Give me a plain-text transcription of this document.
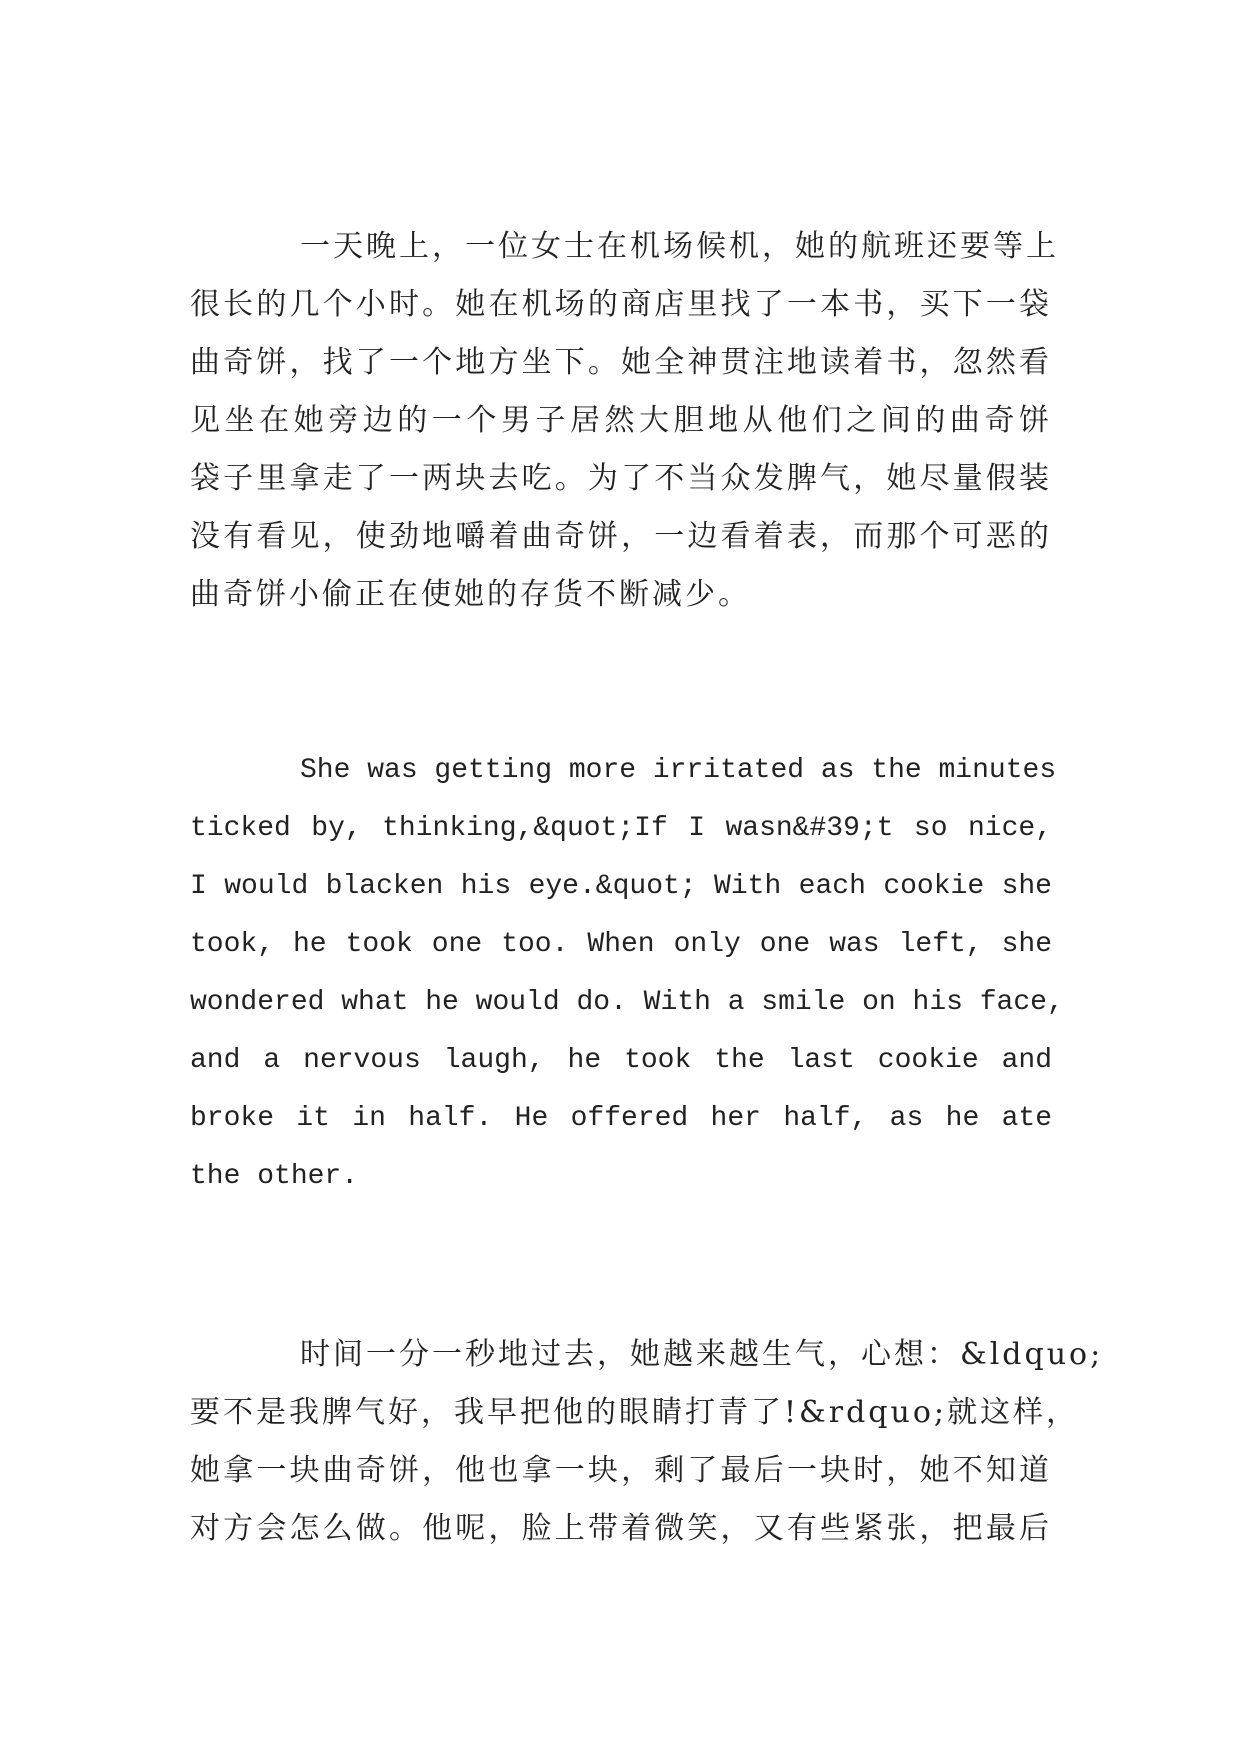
一天晚上，一位女士在机场候机，她的航班还要等上
很长的几个小时。她在机场的商店里找了一本书，买下一袋
曲奇饼，找了一个地方坐下。她全神贯注地读着书，忽然看
见坐在她旁边的一个男子居然大胆地从他们之间的曲奇饼
袋子里拿走了一两块去吃。为了不当众发脾气，她尽量假装
没有看见，使劲地嚼着曲奇饼，一边看着表，而那个可恶的
曲奇饼小偷正在使她的存货不断减少。
She was getting more irritated as the minutes
ticked by, thinking,&quot;If I wasn&#39;t so nice,
I would blacken his eye.&quot; With each cookie she
took, he took one too. When only one was left, she
wondered what he would do. With a smile on his face,
and a nervous laugh, he took the last cookie and
broke it in half. He offered her half, as he ate
the other.
时间一分一秒地过去，她越来越生气，心想：&ldquo;
要不是我脾气好，我早把他的眼睛打青了!&rdquo;就这样，
她拿一块曲奇饼，他也拿一块，剩了最后一块时，她不知道
对方会怎么做。他呢，脸上带着微笑，又有些紧张，把最后
